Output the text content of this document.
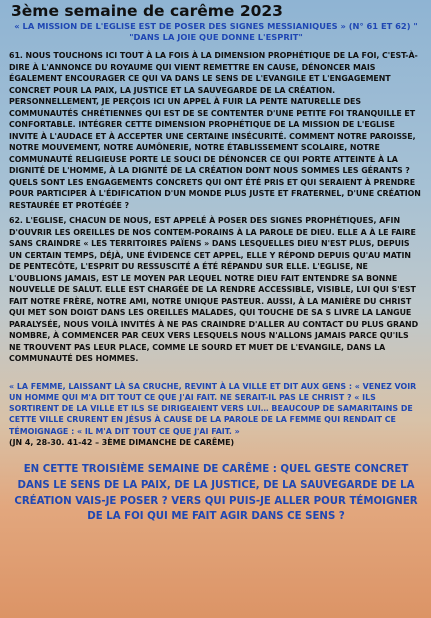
3ème semaine de carême 2023
« LA MISSION DE L'EGLISE EST DE POSER DES SIGNES MESSIANIQUES » (N° 61 ET 62) "
"DANS LA JOIE QUE DONNE L'ESPRIT"

61. NOUS TOUCHONS ICI TOUT À LA FOIS À LA DIMENSION PROPHÉTIQUE DE LA FOI, C'EST-À-DIRE À L'ANNONCE DU ROYAUME QUI VIENT REMETTRE EN CAUSE, DÉNONCER MAIS ÉGALEMENT ENCOURAGER CE QUI VA DANS LE SENS DE L'EVANGILE ET L'ENGAGEMENT CONCRET POUR LA PAIX, LA JUSTICE ET LA SAUVEGARDE DE LA CRÉATION. PERSONNELLEMENT, JE PERÇOIS ICI UN APPEL À FUIR LA PENTE NATURELLE DES COMMUNAUTÉS CHRÉTIENNES QUI EST DE SE CONTENTER D'UNE PETITE FOI TRANQUILLE ET CONFORTABLE. INTÉGRER CETTE DIMENSION PROPHÉTIQUE DE LA MISSION DE L'EGLISE INVITE À L'AUDACE ET À ACCEPTER UNE CERTAINE INSÉCURITÉ. COMMENT NOTRE PAROISSE, NOTRE MOUVEMENT, NOTRE AUMÔNERIE, NOTRE ÉTABLISSEMENT SCOLAIRE, NOTRE COMMUNAUTÉ RELIGIEUSE PORTE LE SOUCI DE DÉNONCER CE QUI PORTE ATTEINTE À LA DIGNITÉ DE L'HOMME, À LA DIGNITÉ DE LA CRÉATION DONT NOUS SOMMES LES GÉRANTS ? QUELS SONT LES ENGAGEMENTS CONCRETS QUI ONT ÉTÉ PRIS ET QUI SERAIENT À PRENDRE POUR PARTICIPER À L'ÉDIFICATION D'UN MONDE PLUS JUSTE ET FRATERNEL, D'UNE CRÉATION RESTAURÉE ET PROTÉGÉE ?

62. L'EGLISE, CHACUN DE NOUS, EST APPELÉ À POSER DES SIGNES PROPHÉTIQUES, AFIN D'OUVRIR LES OREILLES DE NOS CONTEM-PORAINS À LA PAROLE DE DIEU. ELLE A À LE FAIRE SANS CRAINDRE « LES TERRITOIRES PAÏENS » DANS LESQUELLES DIEU N'EST PLUS, DEPUIS UN CERTAIN TEMPS, DÉJÀ, UNE ÉVIDENCE CET APPEL, ELLE Y RÉPOND DEPUIS QU'AU MATIN DE PENTECÔTE, L'ESPRIT DU RESSUSCITÉ A ÉTÉ RÉPANDU SUR ELLE. L'EGLISE, NE L'OUBLIONS JAMAIS, EST LE MOYEN PAR LEQUEL NOTRE DIEU FAIT ENTENDRE SA BONNE NOUVELLE DE SALUT. ELLE EST CHARGÉE DE LA RENDRE ACCESSIBLE, VISIBLE, LUI QUI S'EST FAIT NOTRE FRÈRE, NOTRE AMI, NOTRE UNIQUE PASTEUR. AUSSI, À LA MANIÈRE DU CHRIST QUI MET SON DOIGT DANS LES OREILLES MALADES, QUI TOUCHE DE SA S LIVRE LA LANGUE PARALYSÉE, NOUS VOILÀ INVITÉS À NE PAS CRAINDRE D'ALLER AU CONTACT DU PLUS GRAND NOMBRE, À COMMENCER PAR CEUX VERS LESQUELS NOUS N'ALLONS JAMAIS PARCE QU'ILS NE TROUVENT PAS LEUR PLACE, COMME LE SOURD ET MUET DE L'EVANGILE, DANS LA COMMUNAUTÉ DES HOMMES.

« LA FEMME, LAISSANT LÀ SA CRUCHE, REVINT À LA VILLE ET DIT AUX GENS : « VENEZ VOIR UN HOMME QUI M'A DIT TOUT CE QUE J'AI FAIT. NE SERAIT-IL PAS LE CHRIST ? « ILS SORTIRENT DE LA VILLE ET ILS SE DIRIGEAIENT VERS LUI… BEAUCOUP DE SAMARITAINS DE CETTE VILLE CRURENT EN JÉSUS À CAUSE DE LA PAROLE DE LA FEMME QUI RENDAIT CE TÉMOIGNAGE : « IL M'A DIT TOUT CE QUE J'AI FAIT. »

(JN 4, 28-30. 41-42 – 3ÈME DIMANCHE DE CARÊME)

EN CETTE TROISIÈME SEMAINE DE CARÊME : QUEL GESTE CONCRET DANS LE SENS DE LA PAIX, DE LA JUSTICE, DE LA SAUVEGARDE DE LA CRÉATION VAIS-JE POSER ? VERS QUI PUIS-JE ALLER POUR TÉMOIGNER DE LA FOI QUI ME FAIT AGIR DANS CE SENS ?
